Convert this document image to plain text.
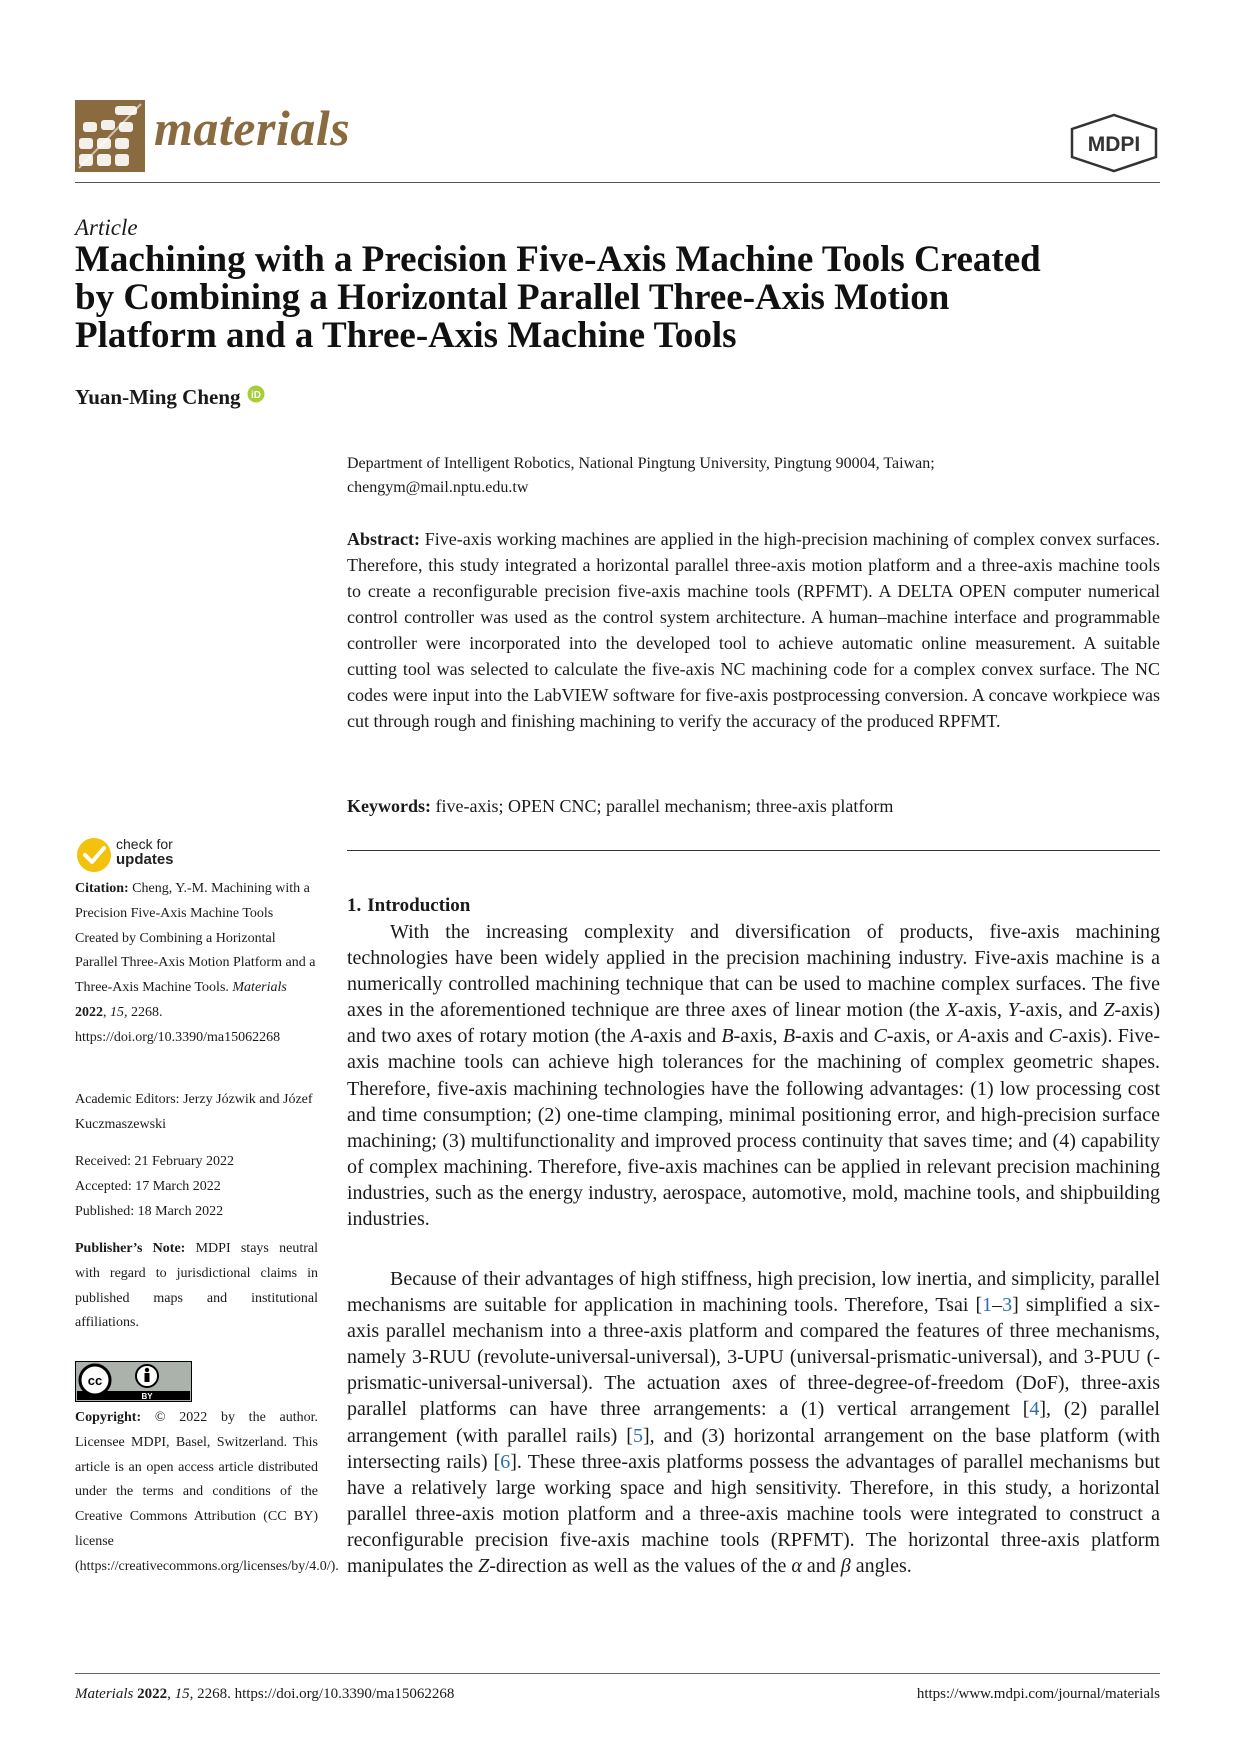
materials	MDPI
Article
Machining with a Precision Five-Axis Machine Tools Created
by Combining a Horizontal Parallel Three-Axis Motion
Platform and a Three-Axis Machine Tools
Yuan-Ming Cheng iD
Department of Intelligent Robotics, National Pingtung University, Pingtung 90004, Taiwan;
chengym@mail.nptu.edu.tw
Abstract: Five-axis working machines are applied in the high-precision machining of complex convex surfaces. Therefore, this study integrated a horizontal parallel three-axis motion platform and a three-axis machine tools to create a reconfigurable precision five-axis machine tools (RPFMT). A DELTA OPEN computer numerical control controller was used as the control system architecture. A human–machine interface and programmable controller were incorporated into the developed tool to achieve automatic online measurement. A suitable cutting tool was selected to calculate the five-axis NC machining code for a complex convex surface. The NC codes were input into the LabVIEW software for five-axis postprocessing conversion. A concave workpiece was cut through rough and finishing machining to verify the accuracy of the produced RPFMT.
Keywords: five-axis; OPEN CNC; parallel mechanism; three-axis platform
check for
updates
Citation: Cheng, Y.-M. Machining with a Precision Five-Axis Machine Tools Created by Combining a Horizontal Parallel Three-Axis Motion Platform and a Three-Axis Machine Tools. Materials 2022, 15, 2268. https://doi.org/10.3390/ma15062268
Academic Editors: Jerzy Józwik and Józef Kuczmaszewski
Received: 21 February 2022
Accepted: 17 March 2022
Published: 18 March 2022
Publisher’s Note: MDPI stays neutral with regard to jurisdictional claims in published maps and institutional affiliations.
cc
BY
Copyright: © 2022 by the author. Licensee MDPI, Basel, Switzerland. This article is an open access article distributed under the terms and conditions of the Creative Commons Attribution (CC BY) license (https://creativecommons.org/licenses/by/4.0/).
1. Introduction

With the increasing complexity and diversification of products, five-axis machining technologies have been widely applied in the precision machining industry. Five-axis machine is a numerically controlled machining technique that can be used to machine complex surfaces. The five axes in the aforementioned technique are three axes of linear motion (the X-axis, Y-axis, and Z-axis) and two axes of rotary motion (the A-axis and B-axis, B-axis and C-axis, or A-axis and C-axis). Five-axis machine tools can achieve high tolerances for the machining of complex geometric shapes. Therefore, five-axis machining technologies have the following advantages: (1) low processing cost and time consumption; (2) one-time clamping, minimal positioning error, and high-precision surface machining; (3) multifunctionality and improved process continuity that saves time; and (4) capability of complex machining. Therefore, five-axis machines can be applied in relevant precision machining industries, such as the energy industry, aerospace, automotive, mold, machine tools, and shipbuilding industries.

Because of their advantages of high stiffness, high precision, low inertia, and simplicity, parallel mechanisms are suitable for application in machining tools. Therefore, Tsai [1–3] simplified a six-axis parallel mechanism into a three-axis platform and compared the features of three mechanisms, namely 3-RUU (revolute-universal-universal), 3-UPU (universal-prismatic-universal), and 3-PUU (-prismatic-universal-universal). The actuation axes of three-degree-of-freedom (DoF), three-axis parallel platforms can have three arrangements: a (1) vertical arrangement [4], (2) parallel arrangement (with parallel rails) [5], and (3) horizontal arrangement on the base platform (with intersecting rails) [6]. These three-axis platforms possess the advantages of parallel mechanisms but have a relatively large working space and high sensitivity. Therefore, in this study, a horizontal parallel three-axis motion platform and a three-axis machine tools were integrated to construct a reconfigurable precision five-axis machine tools (RPFMT). The horizontal three-axis platform manipulates the Z-direction as well as the values of the α and β angles.

Materials 2022, 15, 2268. https://doi.org/10.3390/ma15062268	https://www.mdpi.com/journal/materials
